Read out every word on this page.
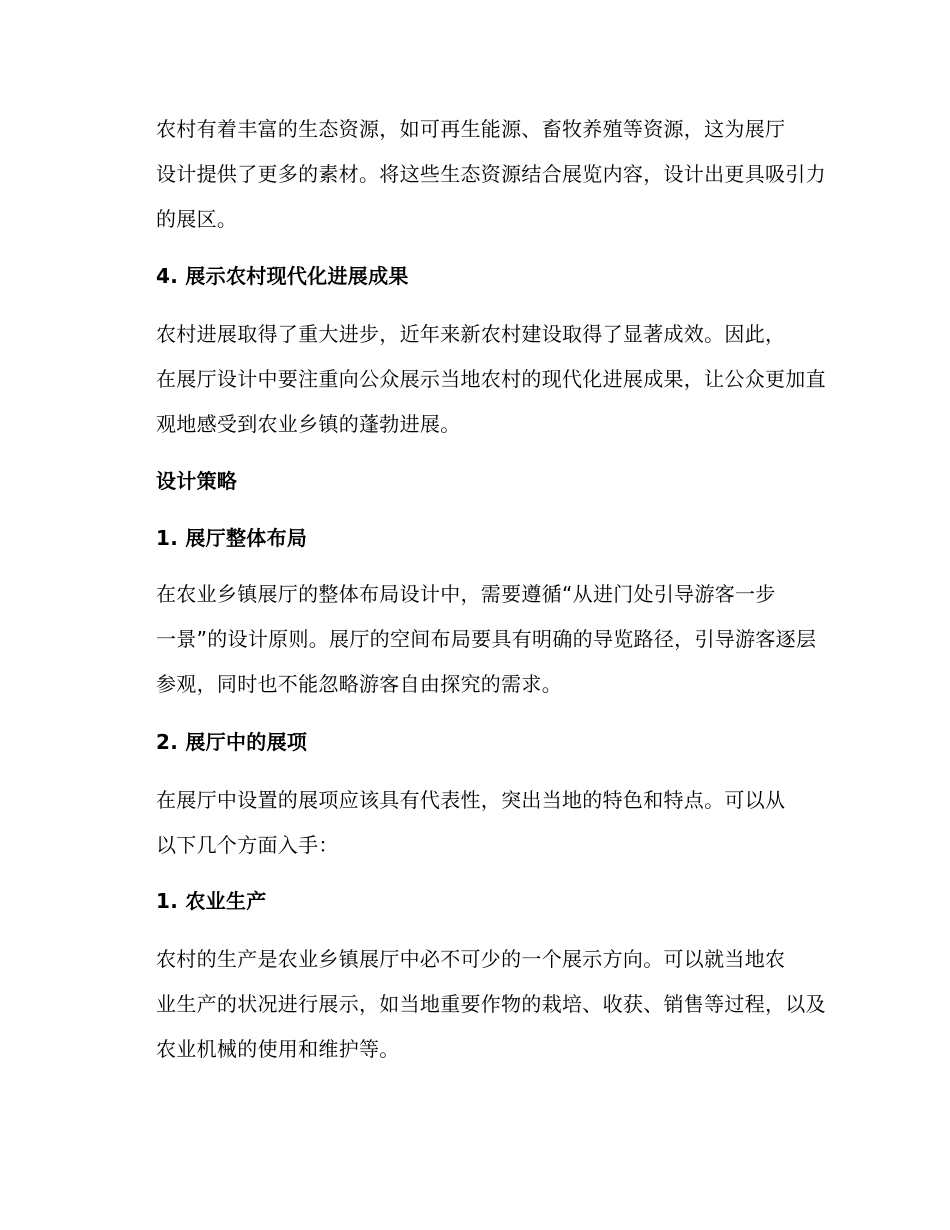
农村有着丰富的生态资源，如可再生能源、畜牧养殖等资源，这为展厅
设计提供了更多的素材。将这些生态资源结合展览内容，设计出更具吸引力
的展区。

4. 展示农村现代化进展成果

农村进展取得了重大进步，近年来新农村建设取得了显著成效。因此，
在展厅设计中要注重向公众展示当地农村的现代化进展成果，让公众更加直
观地感受到农业乡镇的蓬勃进展。

设计策略

1. 展厅整体布局

在农业乡镇展厅的整体布局设计中，需要遵循“从进门处引导游客一步
一景”的设计原则。展厅的空间布局要具有明确的导览路径，引导游客逐层
参观，同时也不能忽略游客自由探究的需求。

2. 展厅中的展项

在展厅中设置的展项应该具有代表性，突出当地的特色和特点。可以从
以下几个方面入手：

1. 农业生产

农村的生产是农业乡镇展厅中必不可少的一个展示方向。可以就当地农
业生产的状况进行展示，如当地重要作物的栽培、收获、销售等过程，以及
农业机械的使用和维护等。
